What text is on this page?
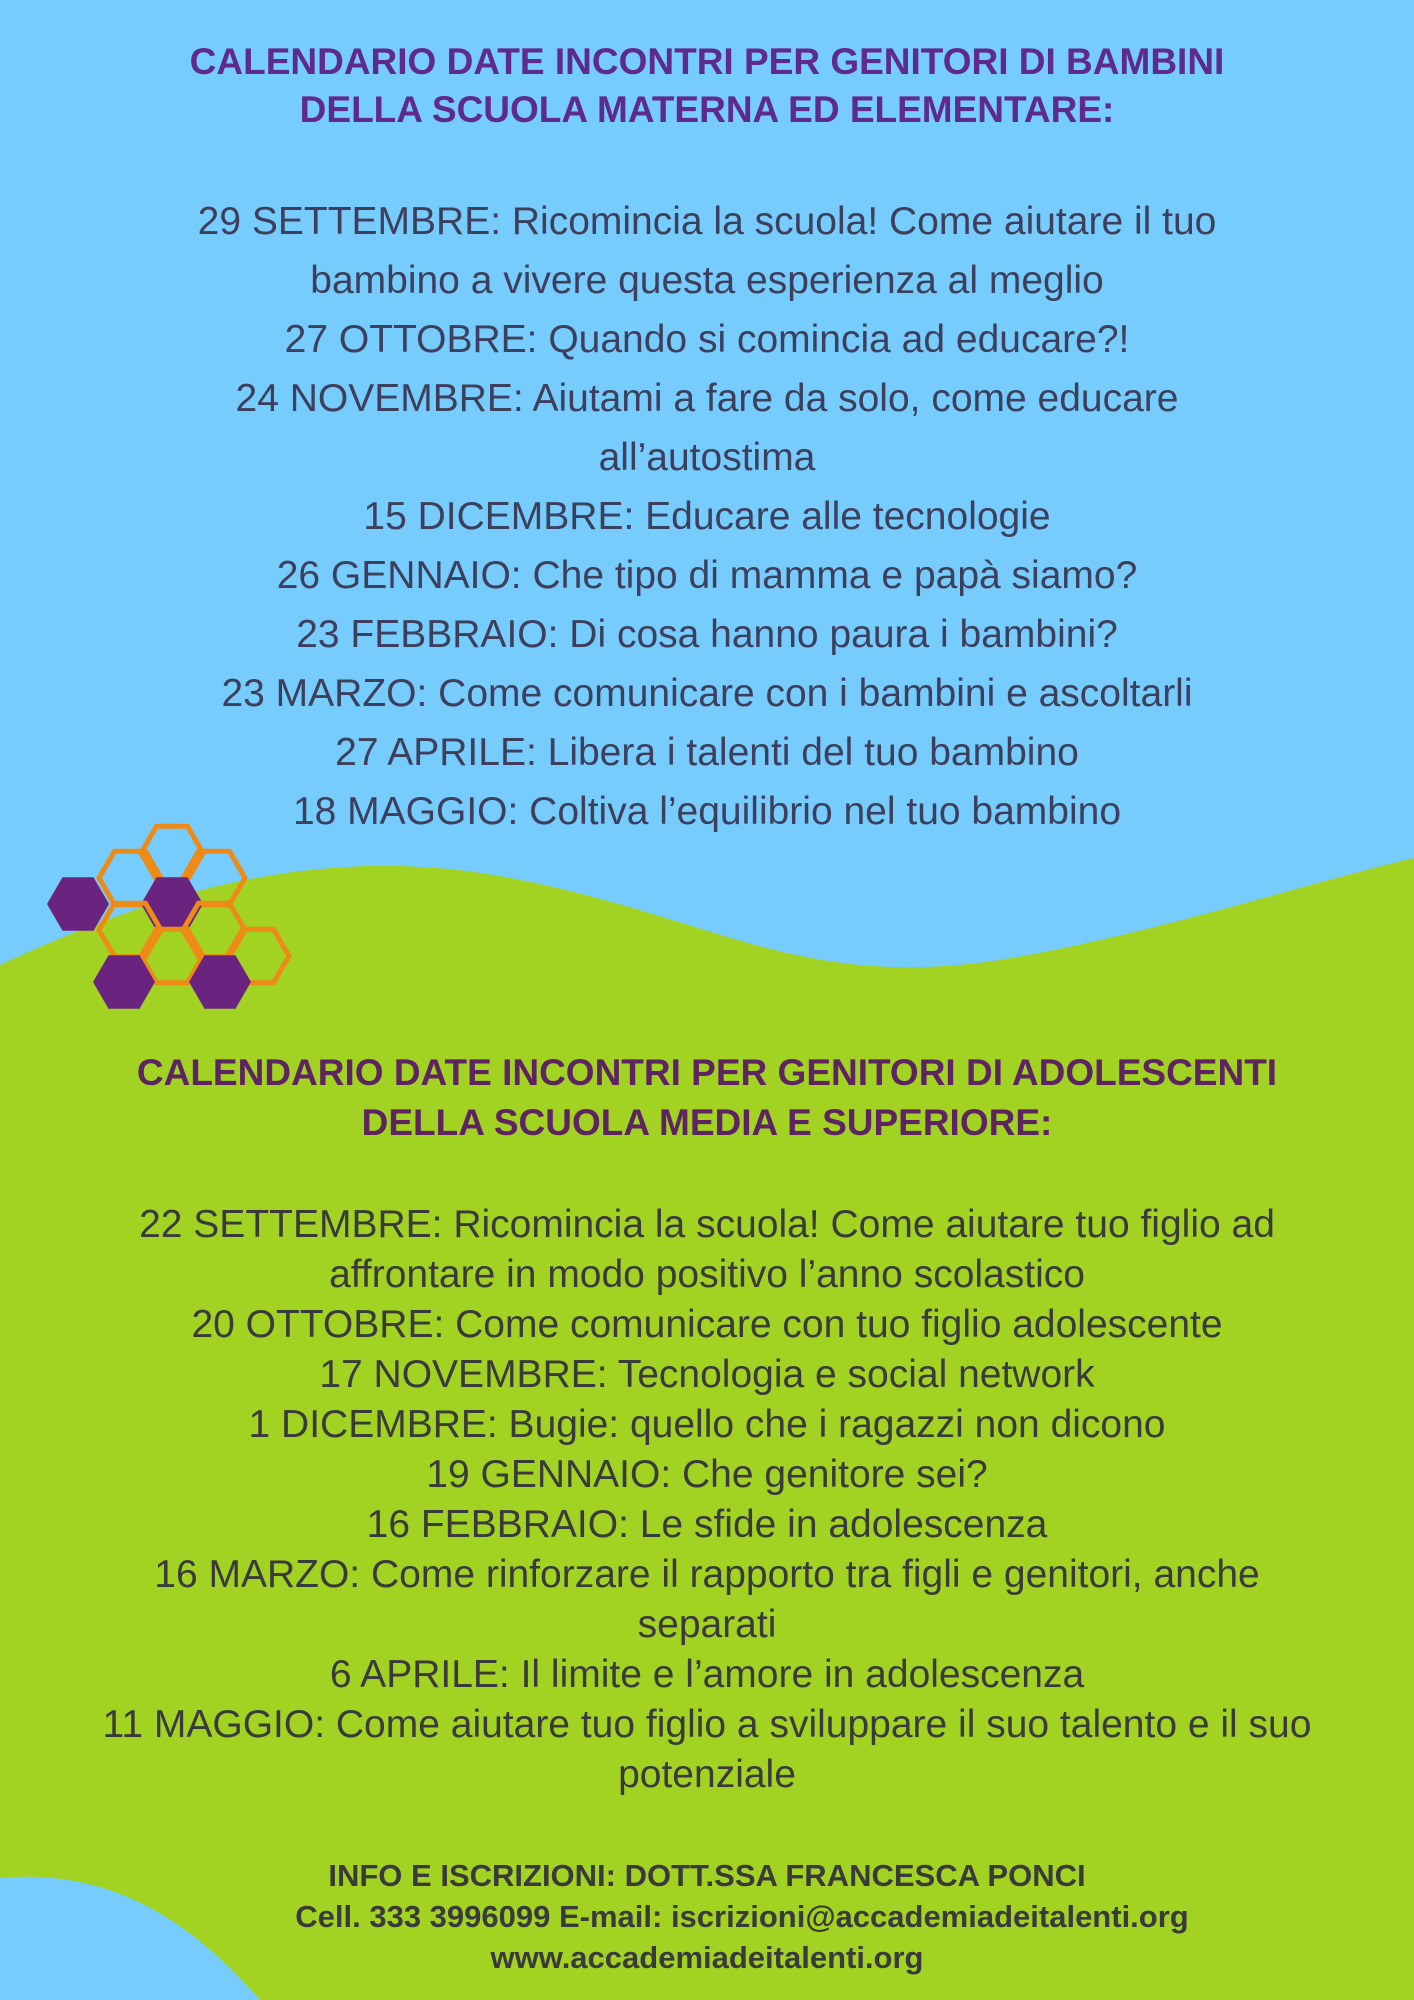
CALENDARIO DATE INCONTRI PER GENITORI DI BAMBINI
DELLA SCUOLA MATERNA ED ELEMENTARE:
29 SETTEMBRE: Ricomincia la scuola! Come aiutare il tuo
bambino a vivere questa esperienza al meglio
27 OTTOBRE: Quando si comincia ad educare?!
24 NOVEMBRE: Aiutami a fare da solo, come educare
all’autostima
15 DICEMBRE: Educare alle tecnologie
26 GENNAIO: Che tipo di mamma e papà siamo?
23 FEBBRAIO: Di cosa hanno paura i bambini?
23 MARZO: Come comunicare con i bambini e ascoltarli
27 APRILE: Libera i talenti del tuo bambino
18 MAGGIO: Coltiva l’equilibrio nel tuo bambino
CALENDARIO DATE INCONTRI PER GENITORI DI ADOLESCENTI
DELLA SCUOLA MEDIA E SUPERIORE:
22 SETTEMBRE: Ricomincia la scuola! Come aiutare tuo figlio ad
affrontare in modo positivo l’anno scolastico
20 OTTOBRE: Come comunicare con tuo figlio adolescente
17 NOVEMBRE: Tecnologia e social network
1 DICEMBRE: Bugie: quello che i ragazzi non dicono
19 GENNAIO: Che genitore sei?
16 FEBBRAIO: Le sfide in adolescenza
16 MARZO: Come rinforzare il rapporto tra figli e genitori, anche
separati
6 APRILE: Il limite e l’amore in adolescenza
11 MAGGIO: Come aiutare tuo figlio a sviluppare il suo talento e il suo
potenziale
INFO E ISCRIZIONI: DOTT.SSA FRANCESCA PONCI
Cell. 333 3996099 E-mail: iscrizioni@accademiadeitalenti.org
www.accademiadeitalenti.org
